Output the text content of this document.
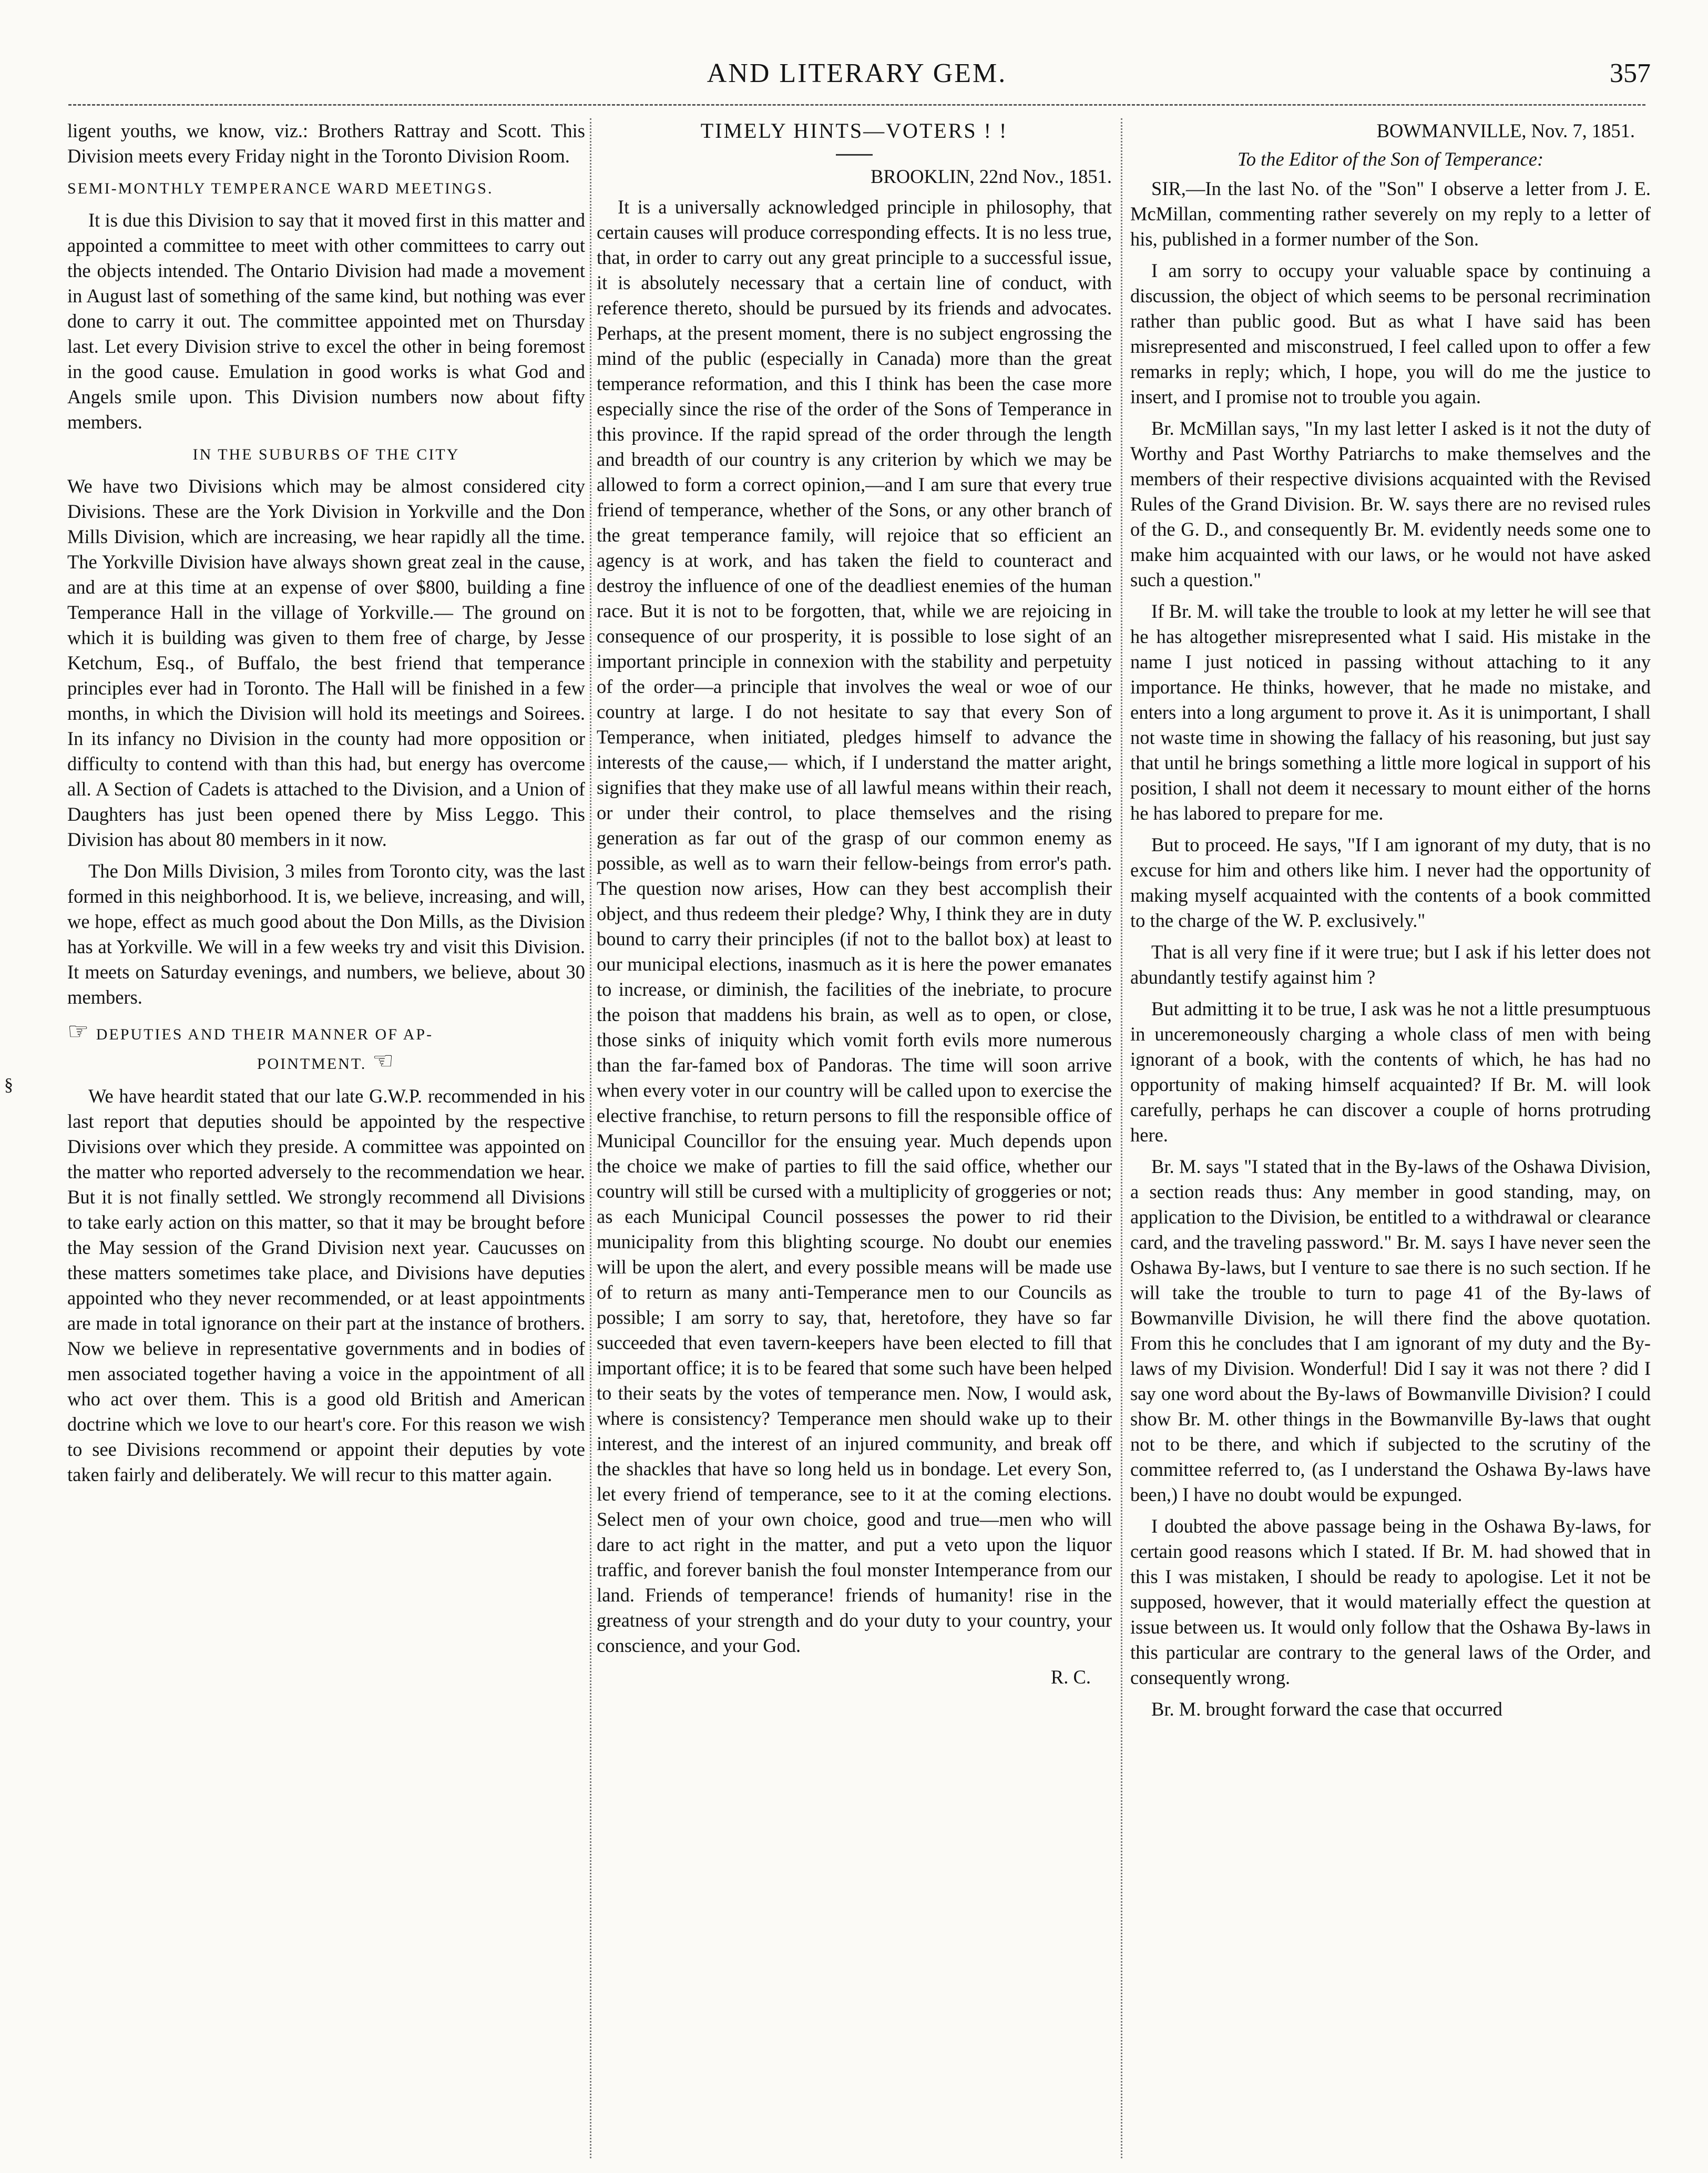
AND LITERARY GEM.	357
§

ligent youths, we know, viz.: Brothers Rattray and Scott. This Division meets every Friday night in the Toronto Division Room.

SEMI-MONTHLY TEMPERANCE WARD MEETINGS.

It is due this Division to say that it moved first in this matter and appointed a committee to meet with other committees to carry out the objects intended. The Ontario Division had made a movement in August last of something of the same kind, but nothing was ever done to carry it out. The committee appointed met on Thursday last. Let every Division strive to excel the other in being foremost in the good cause. Emulation in good works is what God and Angels smile upon. This Division numbers now about fifty members.

IN THE SUBURBS OF THE CITY

We have two Divisions which may be almost considered city Divisions. These are the York Division in Yorkville and the Don Mills Division, which are increasing, we hear rapidly all the time. The Yorkville Division have always shown great zeal in the cause, and are at this time at an expense of over $800, building a fine Temperance Hall in the village of Yorkville.— The ground on which it is building was given to them free of charge, by Jesse Ketchum, Esq., of Buffalo, the best friend that temperance principles ever had in Toronto. The Hall will be finished in a few months, in which the Division will hold its meetings and Soirees. In its infancy no Division in the county had more opposition or difficulty to contend with than this had, but energy has overcome all. A Section of Cadets is attached to the Division, and a Union of Daughters has just been opened there by Miss Leggo. This Division has about 80 members in it now.

The Don Mills Division, 3 miles from Toronto city, was the last formed in this neighborhood. It is, we believe, increasing, and will, we hope, effect as much good about the Don Mills, as the Division has at Yorkville. We will in a few weeks try and visit this Division. It meets on Saturday evenings, and numbers, we believe, about 30 members.

☞ DEPUTIES AND THEIR MANNER OF AP-
POINTMENT. ☜

We have heardit stated that our late G.W.P. recommended in his last report that deputies should be appointed by the respective Divisions over which they preside. A committee was appointed on the matter who reported adversely to the recommendation we hear. But it is not finally settled. We strongly recommend all Divisions to take early action on this matter, so that it may be brought before the May session of the Grand Division next year. Caucusses on these matters sometimes take place, and Divisions have deputies appointed who they never recommended, or at least appointments are made in total ignorance on their part at the instance of brothers. Now we believe in representative governments and in bodies of men associated together having a voice in the appointment of all who act over them. This is a good old British and American doctrine which we love to our heart's core. For this reason we wish to see Divisions recommend or appoint their deputies by vote taken fairly and deliberately. We will recur to this matter again.

TIMELY HINTS—VOTERS ! !
BROOKLIN, 22nd Nov., 1851.

It is a universally acknowledged principle in philosophy, that certain causes will produce corresponding effects. It is no less true, that, in order to carry out any great principle to a successful issue, it is absolutely necessary that a certain line of conduct, with reference thereto, should be pursued by its friends and advocates. Perhaps, at the present moment, there is no subject engrossing the mind of the public (especially in Canada) more than the great temperance reformation, and this I think has been the case more especially since the rise of the order of the Sons of Temperance in this province. If the rapid spread of the order through the length and breadth of our country is any criterion by which we may be allowed to form a correct opinion,—and I am sure that every true friend of temperance, whether of the Sons, or any other branch of the great temperance family, will rejoice that so efficient an agency is at work, and has taken the field to counteract and destroy the influence of one of the deadliest enemies of the human race. But it is not to be forgotten, that, while we are rejoicing in consequence of our prosperity, it is possible to lose sight of an important principle in connexion with the stability and perpetuity of the order—a principle that involves the weal or woe of our country at large. I do not hesitate to say that every Son of Temperance, when initiated, pledges himself to advance the interests of the cause,— which, if I understand the matter aright, signifies that they make use of all lawful means within their reach, or under their control, to place themselves and the rising generation as far out of the grasp of our common enemy as possible, as well as to warn their fellow-beings from error's path. The question now arises, How can they best accomplish their object, and thus redeem their pledge? Why, I think they are in duty bound to carry their principles (if not to the ballot box) at least to our municipal elections, inasmuch as it is here the power emanates to increase, or diminish, the facilities of the inebriate, to procure the poison that maddens his brain, as well as to open, or close, those sinks of iniquity which vomit forth evils more numerous than the far-famed box of Pandoras. The time will soon arrive when every voter in our country will be called upon to exercise the elective franchise, to return persons to fill the responsible office of Municipal Councillor for the ensuing year. Much depends upon the choice we make of parties to fill the said office, whether our country will still be cursed with a multiplicity of groggeries or not; as each Municipal Council possesses the power to rid their municipality from this blighting scourge. No doubt our enemies will be upon the alert, and every possible means will be made use of to return as many anti-Temperance men to our Councils as possible; I am sorry to say, that, heretofore, they have so far succeeded that even tavern-keepers have been elected to fill that important office; it is to be feared that some such have been helped to their seats by the votes of temperance men. Now, I would ask, where is consistency? Temperance men should wake up to their interest, and the interest of an injured community, and break off the shackles that have so long held us in bondage. Let every Son, let every friend of temperance, see to it at the coming elections. Select men of your own choice, good and true—men who will dare to act right in the matter, and put a veto upon the liquor traffic, and forever banish the foul monster Intemperance from our land. Friends of temperance! friends of humanity! rise in the greatness of your strength and do your duty to your country, your conscience, and your God.

R. C.
BOWMANVILLE, Nov. 7, 1851.
To the Editor of the Son of Temperance:

SIR,—In the last No. of the "Son" I observe a letter from J. E. McMillan, commenting rather severely on my reply to a letter of his, published in a former number of the Son.

I am sorry to occupy your valuable space by continuing a discussion, the object of which seems to be personal recrimination rather than public good. But as what I have said has been misrepresented and misconstrued, I feel called upon to offer a few remarks in reply; which, I hope, you will do me the justice to insert, and I promise not to trouble you again.

Br. McMillan says, "In my last letter I asked is it not the duty of Worthy and Past Worthy Patriarchs to make themselves and the members of their respective divisions acquainted with the Revised Rules of the Grand Division. Br. W. says there are no revised rules of the G. D., and consequently Br. M. evidently needs some one to make him acquainted with our laws, or he would not have asked such a question."

If Br. M. will take the trouble to look at my letter he will see that he has altogether misrepresented what I said. His mistake in the name I just noticed in passing without attaching to it any importance. He thinks, however, that he made no mistake, and enters into a long argument to prove it. As it is unimportant, I shall not waste time in showing the fallacy of his reasoning, but just say that until he brings something a little more logical in support of his position, I shall not deem it necessary to mount either of the horns he has labored to prepare for me.

But to proceed. He says, "If I am ignorant of my duty, that is no excuse for him and others like him. I never had the opportunity of making myself acquainted with the contents of a book committed to the charge of the W. P. exclusively."

That is all very fine if it were true; but I ask if his letter does not abundantly testify against him ?

But admitting it to be true, I ask was he not a little presumptuous in unceremoneously charging a whole class of men with being ignorant of a book, with the contents of which, he has had no opportunity of making himself acquainted? If Br. M. will look carefully, perhaps he can discover a couple of horns protruding here.

Br. M. says "I stated that in the By-laws of the Oshawa Division, a section reads thus: Any member in good standing, may, on application to the Division, be entitled to a withdrawal or clearance card, and the traveling password." Br. M. says I have never seen the Oshawa By-laws, but I venture to sae there is no such section. If he will take the trouble to turn to page 41 of the By-laws of Bowmanville Division, he will there find the above quotation. From this he concludes that I am ignorant of my duty and the By-laws of my Division. Wonderful! Did I say it was not there ? did I say one word about the By-laws of Bowmanville Division? I could show Br. M. other things in the Bowmanville By-laws that ought not to be there, and which if subjected to the scrutiny of the committee referred to, (as I understand the Oshawa By-laws have been,) I have no doubt would be expunged.

I doubted the above passage being in the Oshawa By-laws, for certain good reasons which I stated. If Br. M. had showed that in this I was mistaken, I should be ready to apologise. Let it not be supposed, however, that it would materially effect the question at issue between us. It would only follow that the Oshawa By-laws in this particular are contrary to the general laws of the Order, and consequently wrong.

Br. M. brought forward the case that occurred
